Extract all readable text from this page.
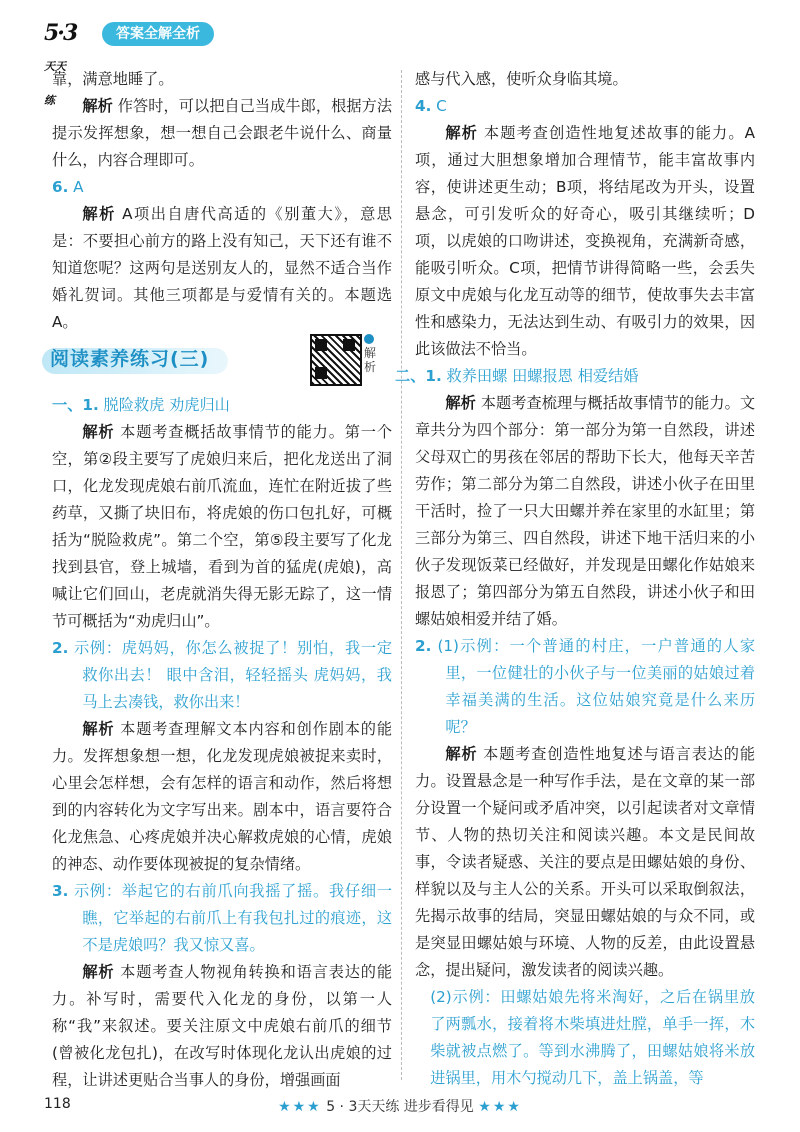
5·3天天练
答案全解全析

靠，满意地睡了。

解析 作答时，可以把自己当成牛郎，根据方法提示发挥想象，想一想自己会跟老牛说什么、商量什么，内容合理即可。

6. A

解析 A项出自唐代高适的《别董大》，意思是：不要担心前方的路上没有知己，天下还有谁不知道您呢？这两句是送别友人的，显然不适合当作婚礼贺词。其他三项都是与爱情有关的。本题选A。

阅读素养练习(三)	解析

一、1. 脱险救虎 劝虎归山

解析 本题考查概括故事情节的能力。第一个空，第②段主要写了虎娘归来后，把化龙送出了洞口，化龙发现虎娘右前爪流血，连忙在附近拔了些药草，又撕了块旧布，将虎娘的伤口包扎好，可概括为“脱险救虎”。第二个空，第⑤段主要写了化龙找到县官，登上城墙，看到为首的猛虎(虎娘)，高喊让它们回山，老虎就消失得无影无踪了，这一情节可概括为“劝虎归山”。

2. 示例：虎妈妈，你怎么被捉了！别怕，我一定救你出去！ 眼中含泪，轻轻摇头 虎妈妈，我马上去凑钱，救你出来！

解析 本题考查理解文本内容和创作剧本的能力。发挥想象想一想，化龙发现虎娘被捉来卖时，心里会怎样想，会有怎样的语言和动作，然后将想到的内容转化为文字写出来。剧本中，语言要符合化龙焦急、心疼虎娘并决心解救虎娘的心情，虎娘的神态、动作要体现被捉的复杂情绪。

3. 示例：举起它的右前爪向我摇了摇。我仔细一瞧，它举起的右前爪上有我包扎过的痕迹，这不是虎娘吗？我又惊又喜。

解析 本题考查人物视角转换和语言表达的能力。补写时，需要代入化龙的身份，以第一人称“我”来叙述。要关注原文中虎娘右前爪的细节(曾被化龙包扎)，在改写时体现化龙认出虎娘的过程，让讲述更贴合当事人的身份，增强画面

感与代入感，使听众身临其境。

4. C

解析 本题考查创造性地复述故事的能力。A项，通过大胆想象增加合理情节，能丰富故事内容，使讲述更生动；B项，将结尾改为开头，设置悬念，可引发听众的好奇心，吸引其继续听；D项，以虎娘的口吻讲述，变换视角，充满新奇感，能吸引听众。C项，把情节讲得简略一些，会丢失原文中虎娘与化龙互动等的细节，使故事失去丰富性和感染力，无法达到生动、有吸引力的效果，因此该做法不恰当。

二、1. 救养田螺 田螺报恩 相爱结婚

解析 本题考查梳理与概括故事情节的能力。文章共分为四个部分：第一部分为第一自然段，讲述父母双亡的男孩在邻居的帮助下长大，他每天辛苦劳作；第二部分为第二自然段，讲述小伙子在田里干活时，捡了一只大田螺并养在家里的水缸里；第三部分为第三、四自然段，讲述下地干活归来的小伙子发现饭菜已经做好，并发现是田螺化作姑娘来报恩了；第四部分为第五自然段，讲述小伙子和田螺姑娘相爱并结了婚。

2. (1)示例：一个普通的村庄，一户普通的人家里，一位健壮的小伙子与一位美丽的姑娘过着幸福美满的生活。这位姑娘究竟是什么来历呢？

解析 本题考查创造性地复述与语言表达的能力。设置悬念是一种写作手法，是在文章的某一部分设置一个疑问或矛盾冲突，以引起读者对文章情节、人物的热切关注和阅读兴趣。本文是民间故事，令读者疑惑、关注的要点是田螺姑娘的身份、样貌以及与主人公的关系。开头可以采取倒叙法，先揭示故事的结局，突显田螺姑娘的与众不同，或是突显田螺姑娘与环境、人物的反差，由此设置悬念，提出疑问，激发读者的阅读兴趣。

(2)示例：田螺姑娘先将米淘好，之后在锅里放了两瓢水，接着将木柴填进灶膛，单手一挥，木柴就被点燃了。等到水沸腾了，田螺姑娘将米放进锅里，用木勺搅动几下，盖上锅盖，等

118	★★★ 5 · 3天天练 进步看得见 ★★★
